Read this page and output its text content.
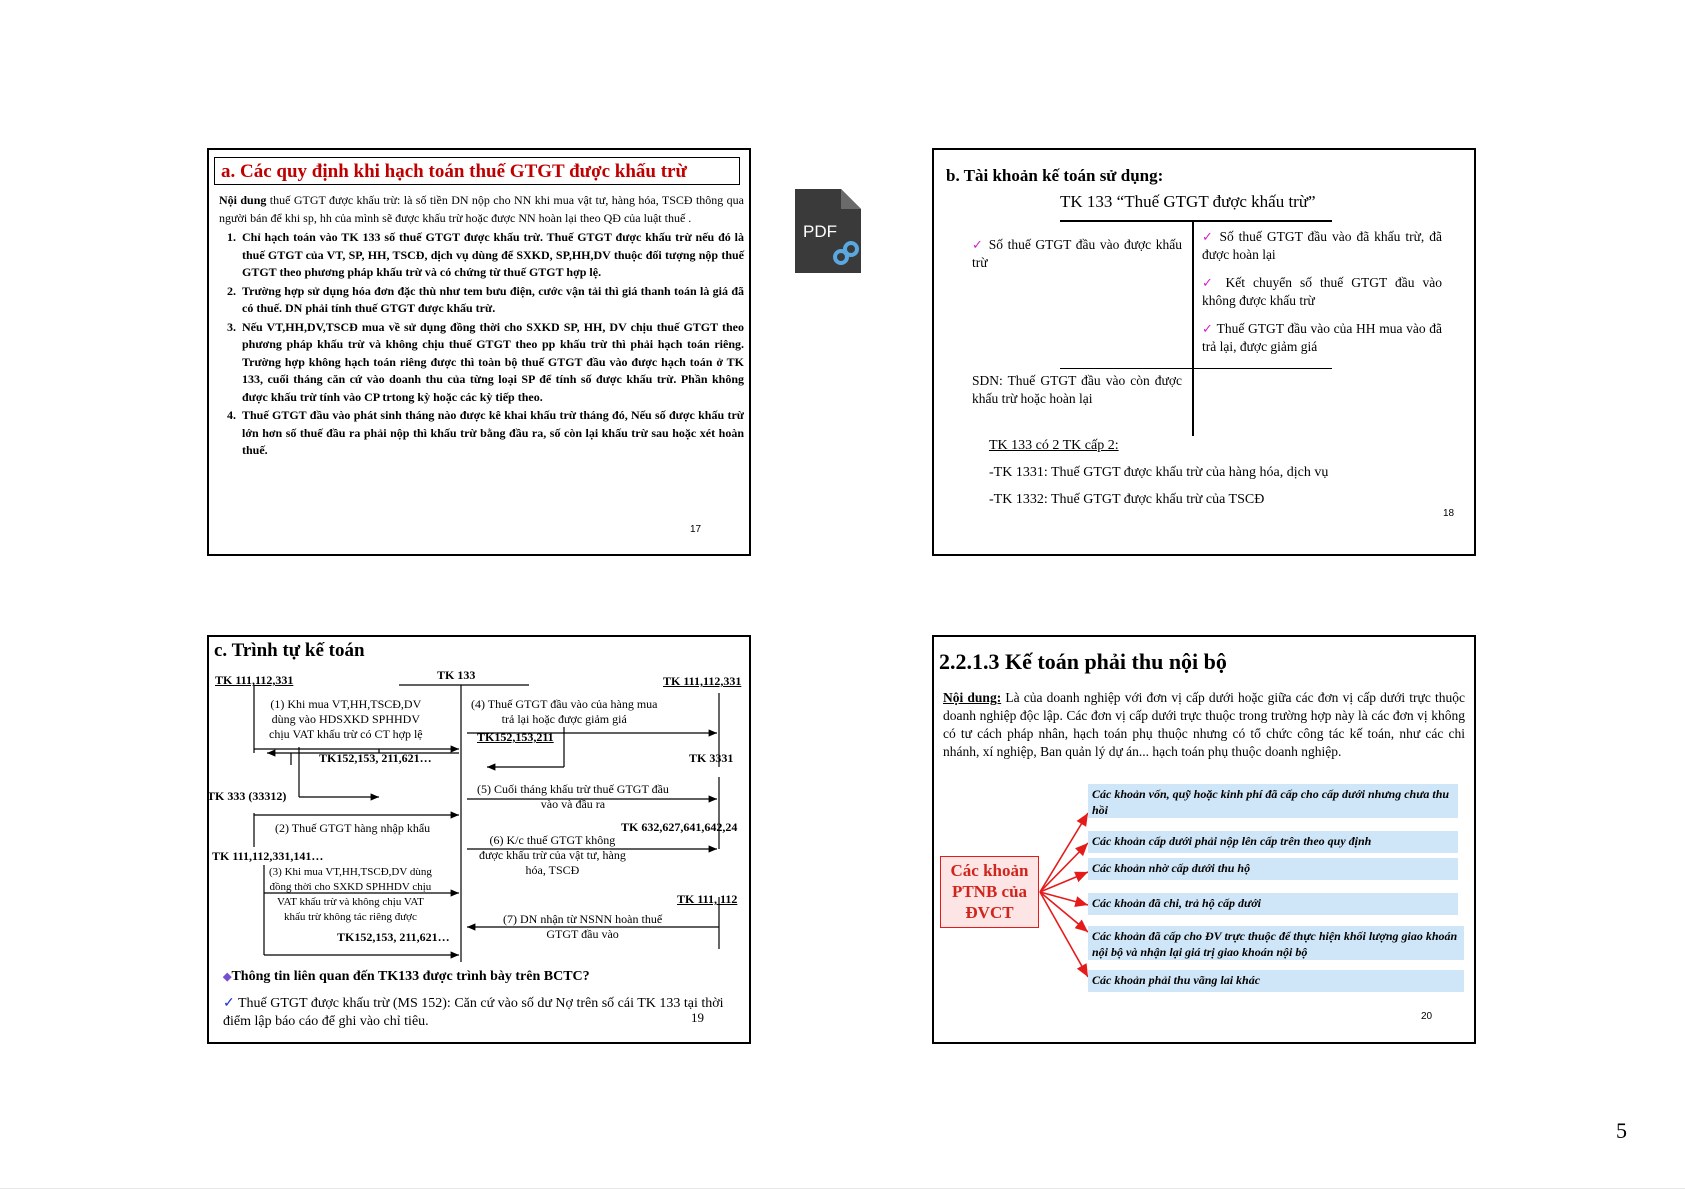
a. Các quy định khi hạch toán thuế GTGT được khấu trừ
Nội dung thuế GTGT được khấu trừ: là số tiền DN nộp cho NN khi mua vật tư, hàng hóa, TSCĐ thông qua người bán để khi sp, hh của mình sẽ được khấu trừ hoặc được NN hoàn lại theo QĐ của luật thuế .
1. Chỉ hạch toán vào TK 133 số thuế GTGT được khấu trừ. Thuế GTGT được khấu trừ nếu đó là thuế GTGT của VT, SP, HH, TSCĐ, dịch vụ dùng để SXKD, SP,HH,DV thuộc đối tượng nộp thuế GTGT theo phương pháp khấu trừ và có chứng từ thuế GTGT hợp lệ.
2. Trường hợp sử dụng hóa đơn đặc thù như tem bưu điện, cước vận tải thì giá thanh toán là giá đã có thuế. DN phải tính thuế GTGT được khấu trừ.
3. Nếu VT,HH,DV,TSCĐ mua về sử dụng đồng thời cho SXKD SP, HH, DV chịu thuế GTGT theo phương pháp khấu trừ và không chịu thuế GTGT theo pp khấu trừ thì phải hạch toán riêng. Trường hợp không hạch toán riêng được thì toàn bộ thuế GTGT đầu vào được hạch toán ở TK 133, cuối tháng căn cứ vào doanh thu của từng loại SP để tính số được khấu trừ. Phần không được khấu trừ tính vào CP trtong kỳ hoặc các kỳ tiếp theo.
4. Thuế GTGT đầu vào phát sinh tháng nào được kê khai khấu trừ tháng đó, Nếu số được khấu trừ lớn hơn số thuế đầu ra phải nộp thì khấu trừ bằng đầu ra, số còn lại khấu trừ sau hoặc xét hoàn thuế.
17
PDF
b. Tài khoản kế toán sử dụng:
TK 133 “Thuế GTGT được khấu trừ”
✓ Số thuế GTGT đầu vào được khấu trừ
✓ Số thuế GTGT đầu vào đã khấu trừ, đã được hoàn lại
✓ Kết chuyển số thuế GTGT đầu vào không được khấu trừ
✓ Thuế GTGT đầu vào của HH mua vào đã trả lại, được giảm giá
SDN: Thuế GTGT đầu vào còn được khấu trừ hoặc hoàn lại
TK 133 có 2 TK cấp 2:
-TK 1331: Thuế GTGT được khấu trừ của hàng hóa, dịch vụ
-TK 1332: Thuế GTGT được khấu trừ của TSCĐ
18
c. Trình tự kế toán
TK 111,112,331	TK 133	TK 111,112,331
(1) Khi mua VT,HH,TSCĐ,DV
dùng vào HDSXKD SPHHDV
chịu VAT khấu trừ có CT hợp lệ
(4) Thuế GTGT đầu vào của hàng mua
trả lại hoặc được giảm giá
TK152,153,211
TK152,153, 211,621…	TK 3331
TK 333 (33312)	(5) Cuối tháng khấu trừ thuế GTGT đầu
vào và đầu ra
(2) Thuế GTGT hàng nhập khẩu	TK 632,627,641,642,24
(6) K/c thuế GTGT không
được khấu trừ của vật tư, hàng
hóa, TSCĐ
TK 111,112,331,141…
(3) Khi mua VT,HH,TSCĐ,DV dùng
đồng thời cho SXKD SPHHDV chịu
VAT khấu trừ và không chịu VAT
khấu trừ không tác riêng được
TK 111, 112
(7) DN nhận từ NSNN hoàn thuế
GTGT đầu vào
TK152,153, 211,621…
◆Thông tin liên quan đến TK133 được trình bày trên BCTC?
✓ Thuế GTGT được khấu trừ (MS 152): Căn cứ vào số dư Nợ trên số cái TK 133 tại thời điểm lập báo cáo để ghi vào chỉ tiêu.	19
2.2.1.3 Kế toán phải thu nội bộ
Nội dung: Là của doanh nghiệp với đơn vị cấp dưới hoặc giữa các đơn vị cấp dưới trực thuộc doanh nghiệp độc lập. Các đơn vị cấp dưới trực thuộc trong trường hợp này là các đơn vị không có tư cách pháp nhân, hạch toán phụ thuộc nhưng có tổ chức công tác kế toán, như các chi nhánh, xí nghiệp, Ban quản lý dự án... hạch toán phụ thuộc doanh nghiệp.
Các khoản
PTNB của
ĐVCT
Các khoản vốn, quỹ hoặc kinh phí đã cấp cho cấp dưới nhưng chưa thu hồi
Các khoản cấp dưới phải nộp lên cấp trên theo quy định
Các khoản nhờ cấp dưới thu hộ
Các khoản đã chi, trả hộ cấp dưới
Các khoản đã cấp cho ĐV trực thuộc để thực hiện khối lượng giao khoán nội bộ và nhận lại giá trị giao khoán nội bộ
Các khoản phải thu vãng lai khác
20
5
